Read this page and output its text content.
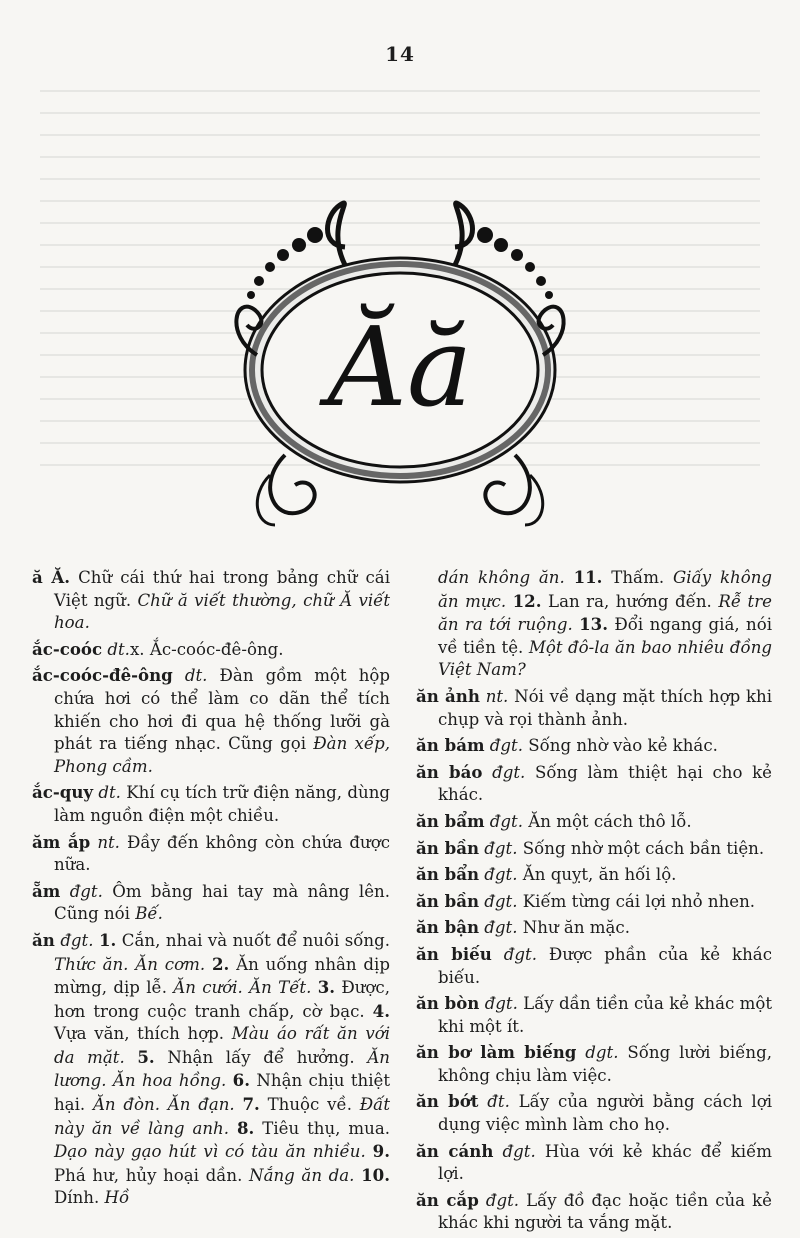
14
Ăă

ă Ă. Chữ cái thứ hai trong bảng chữ cái Việt ngữ. Chữ ă viết thường, chữ Ă viết hoa.

ắc-coóc dt.x. Ắc-coóc-đê-ông.

ắc-coóc-đê-ông dt. Đàn gồm một hộp chứa hơi có thể làm co dãn thể tích khiến cho hơi đi qua hệ thống lưỡi gà phát ra tiếng nhạc. Cũng gọi Đàn xếp, Phong cầm.

ắc-quy dt. Khí cụ tích trữ điện năng, dùng làm nguồn điện một chiều.

ăm ắp nt. Đầy đến không còn chứa được nữa.

ẵm đgt. Ôm bằng hai tay mà nâng lên. Cũng nói Bế.

ăn đgt. 1. Cắn, nhai và nuốt để nuôi sống. Thức ăn. Ăn cơm. 2. Ăn uống nhân dịp mừng, dịp lễ. Ăn cưới. Ăn Tết. 3. Được, hơn trong cuộc tranh chấp, cờ bạc. 4. Vựa văn, thích hợp. Màu áo rất ăn với da mặt. 5. Nhận lấy để hưởng. Ăn lương. Ăn hoa hồng. 6. Nhận chịu thiệt hại. Ăn đòn. Ăn đạn. 7. Thuộc về. Đất này ăn về làng anh. 8. Tiêu thụ, mua. Dạo này gạo hút vì có tàu ăn nhiều. 9. Phá hư, hủy hoại dần. Nắng ăn da. 10. Dính. Hồ

dán không ăn. 11. Thấm. Giấy không ăn mực. 12. Lan ra, hướng đến. Rễ tre ăn ra tới ruộng. 13. Đổi ngang giá, nói về tiền tệ. Một đô-la ăn bao nhiêu đồng Việt Nam?

ăn ảnh nt. Nói về dạng mặt thích hợp khi chụp và rọi thành ảnh.

ăn bám đgt. Sống nhờ vào kẻ khác.

ăn báo đgt. Sống làm thiệt hại cho kẻ khác.

ăn bẩm đgt. Ăn một cách thô lỗ.

ăn bần đgt. Sống nhờ một cách bần tiện.

ăn bẩn đgt. Ăn quỵt, ăn hối lộ.

ăn bần đgt. Kiếm từng cái lợi nhỏ nhen.

ăn bận đgt. Như ăn mặc.

ăn biếu đgt. Được phần của kẻ khác biếu.

ăn bòn đgt. Lấy dần tiền của kẻ khác một khi một ít.

ăn bơ làm biếng dgt. Sống lười biếng, không chịu làm việc.

ăn bớt đt. Lấy của người bằng cách lợi dụng việc mình làm cho họ.

ăn cánh đgt. Hùa với kẻ khác để kiếm lợi.

ăn cắp đgt. Lấy đồ đạc hoặc tiền của kẻ khác khi người ta vắng mặt.
